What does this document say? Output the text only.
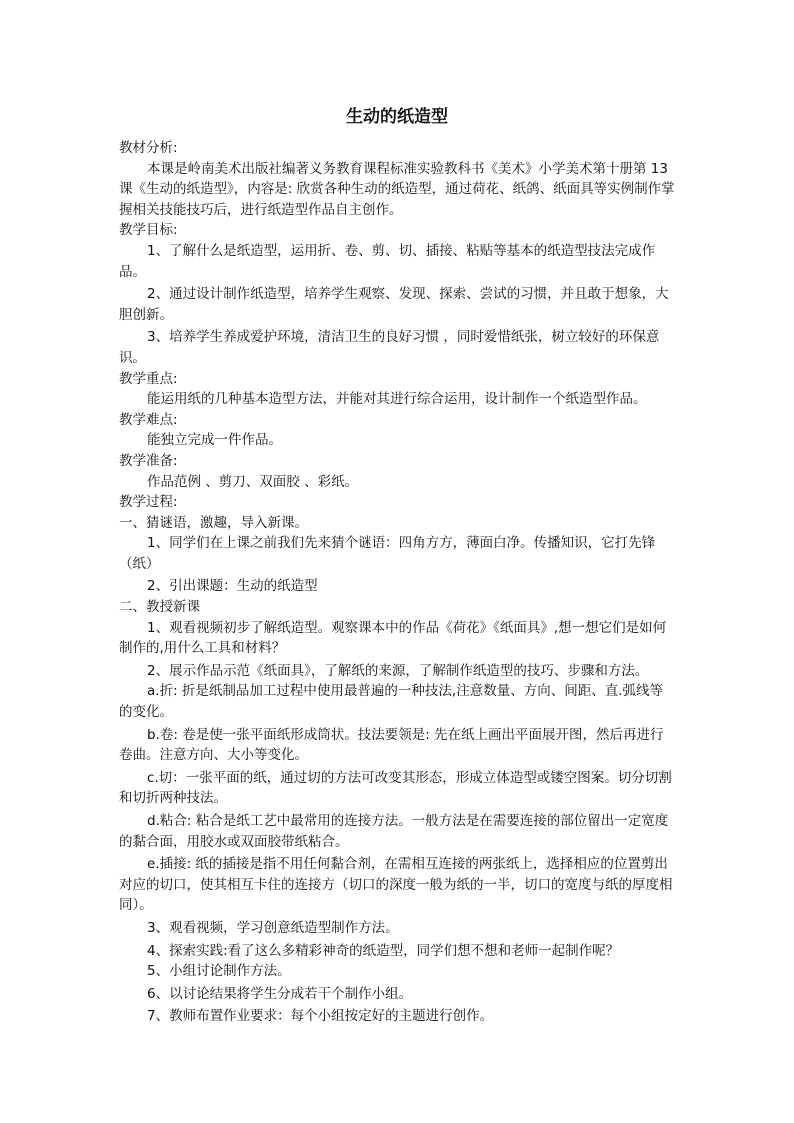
生动的纸造型

教材分析:

本课是岭南美术出版社编著义务教育课程标准实验教科书《美术》小学美术第十册第 13 课《生动的纸造型》，内容是: 欣赏各种生动的纸造型，通过荷花、纸鸽、纸面具等实例制作掌握相关技能技巧后，进行纸造型作品自主创作。

教学目标:

1、了解什么是纸造型，运用折、卷、剪、切、插接、粘贴等基本的纸造型技法完成作品。

2、通过设计制作纸造型，培养学生观察、发现、探索、尝试的习惯，并且敢于想象，大胆创新。

3、培养学生养成爱护环境，清洁卫生的良好习惯 ，同时爱惜纸张，树立较好的环保意识。

教学重点:

能运用纸的几种基本造型方法，并能对其进行综合运用，设计制作一个纸造型作品。

教学难点:

能独立完成一件作品。

教学准备:

作品范例 、剪刀、双面胶 、彩纸。

教学过程:

一、猜谜语，激趣，导入新课。

1、同学们在上课之前我们先来猜个谜语：四角方方，薄面白净。传播知识，它打先锋（纸）

2、引出课题：生动的纸造型

二、教授新课

1、观看视频初步了解纸造型。观察课本中的作品《荷花》《纸面具》,想一想它们是如何制作的,用什么工具和材料？

2、展示作品示范《纸面具》，了解纸的来源，了解制作纸造型的技巧、步骤和方法。

a.折: 折是纸制品加工过程中使用最普遍的一种技法,注意数量、方向、间距、直.弧线等的变化。

b.卷: 卷是使一张平面纸形成筒状。技法要领是: 先在纸上画出平面展开图，然后再进行卷曲。注意方向、大小等变化。

c.切：一张平面的纸，通过切的方法可改变其形态，形成立体造型或镂空图案。切分切割和切折两种技法。

d.粘合: 粘合是纸工艺中最常用的连接方法。一般方法是在需要连接的部位留出一定宽度的黏合面，用胶水或双面胶带纸粘合。

e.插接: 纸的插接是指不用任何黏合剂，在需相互连接的两张纸上，选择相应的位置剪出对应的切口，使其相互卡住的连接方（切口的深度一般为纸的一半，切口的宽度与纸的厚度相同）。

3、观看视频，学习创意纸造型制作方法。

4、探索实践:看了这么多精彩神奇的纸造型，同学们想不想和老师一起制作呢？

5、小组讨论制作方法。

6、以讨论结果将学生分成若干个制作小组。

7、教师布置作业要求：每个小组按定好的主题进行创作。
